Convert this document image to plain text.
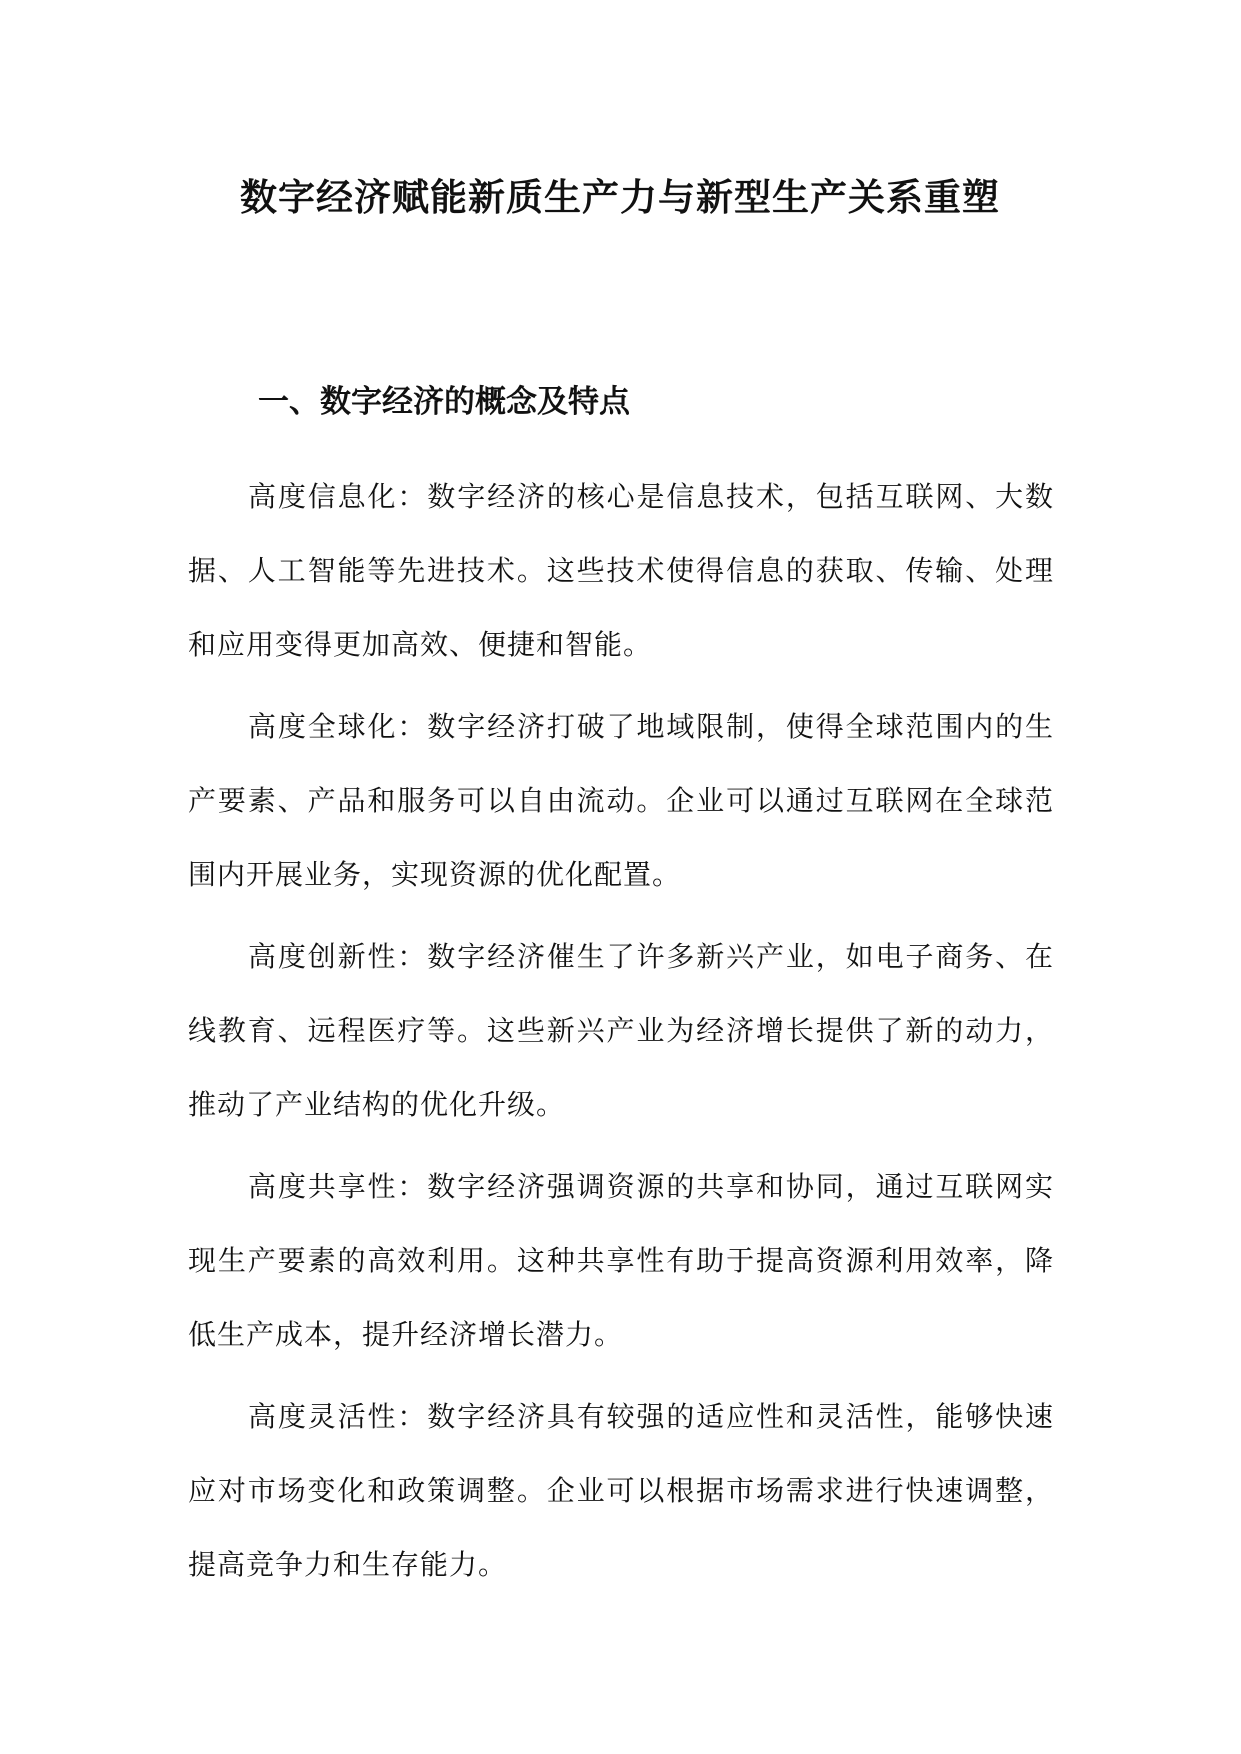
数字经济赋能新质生产力与新型生产关系重塑
一、数字经济的概念及特点

高度信息化：数字经济的核心是信息技术，包括互联网、大数据、人工智能等先进技术。这些技术使得信息的获取、传输、处理和应用变得更加高效、便捷和智能。

高度全球化：数字经济打破了地域限制，使得全球范围内的生产要素、产品和服务可以自由流动。企业可以通过互联网在全球范围内开展业务，实现资源的优化配置。

高度创新性：数字经济催生了许多新兴产业，如电子商务、在线教育、远程医疗等。这些新兴产业为经济增长提供了新的动力，推动了产业结构的优化升级。

高度共享性：数字经济强调资源的共享和协同，通过互联网实现生产要素的高效利用。这种共享性有助于提高资源利用效率，降低生产成本，提升经济增长潜力。

高度灵活性：数字经济具有较强的适应性和灵活性，能够快速应对市场变化和政策调整。企业可以根据市场需求进行快速调整，提高竞争力和生存能力。
